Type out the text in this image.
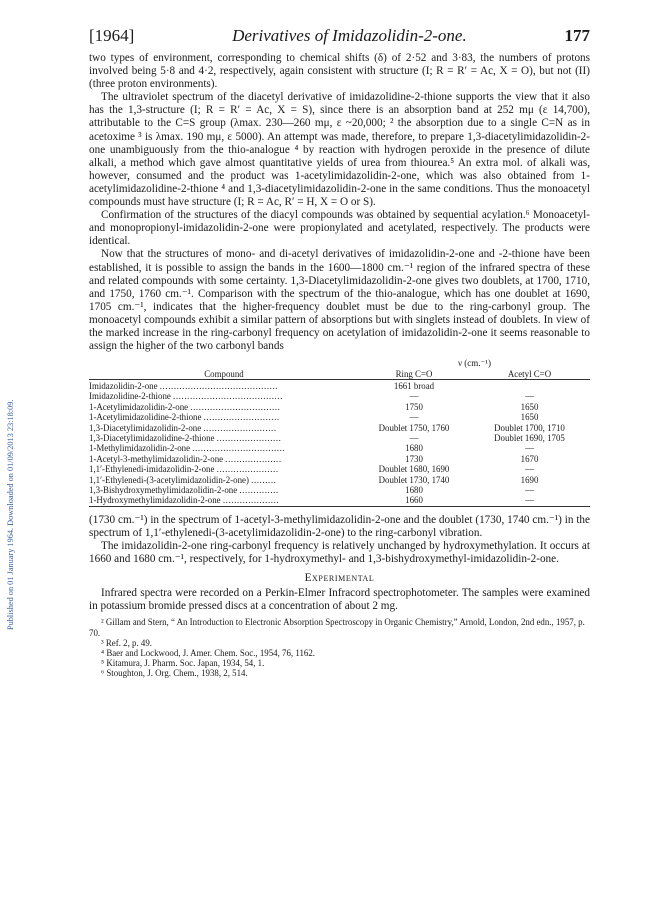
Published on 01 January 1964. Downloaded on 01/09/2013 23:18:09.
[1964]	Derivatives of Imidazolidin-2-one.	177

two types of environment, corresponding to chemical shifts (δ) of 2·52 and 3·83, the numbers of protons involved being 5·8 and 4·2, respectively, again consistent with structure (I; R = R′ = Ac, X = O), but not (II) (three proton environments).

The ultraviolet spectrum of the diacetyl derivative of imidazolidine-2-thione supports the view that it also has the 1,3-structure (I; R = R′ = Ac, X = S), since there is an absorption band at 252 mμ (ε 14,700), attributable to the C=S group (λmax. 230—260 mμ, ε ~20,000; ² the absorption due to a single C=N as in acetoxime ³ is λmax. 190 mμ, ε 5000). An attempt was made, therefore, to prepare 1,3-diacetylimidazolidin-2-one unambiguously from the thio-analogue ⁴ by reaction with hydrogen peroxide in the presence of dilute alkali, a method which gave almost quantitative yields of urea from thiourea.⁵ An extra mol. of alkali was, however, consumed and the product was 1-acetylimidazolidin-2-one, which was also obtained from 1-acetylimidazolidine-2-thione ⁴ and 1,3-diacetylimidazolidin-2-one in the same conditions. Thus the monoacetyl compounds must have structure (I; R = Ac, R′ = H, X = O or S).

Confirmation of the structures of the diacyl compounds was obtained by sequential acylation.⁶ Monoacetyl- and monopropionyl-imidazolidin-2-one were propionylated and acetylated, respectively. The products were identical.

Now that the structures of mono- and di-acetyl derivatives of imidazolidin-2-one and -2-thione have been established, it is possible to assign the bands in the 1600—1800 cm.⁻¹ region of the infrared spectra of these and related compounds with some certainty. 1,3-Diacetylimidazolidin-2-one gives two doublets, at 1700, 1710, and 1750, 1760 cm.⁻¹. Comparison with the spectrum of the thio-analogue, which has one doublet at 1690, 1705 cm.⁻¹, indicates that the higher-frequency doublet must be due to the ring-carbonyl group. The monoacetyl compounds exhibit a similar pattern of absorptions but with singlets instead of doublets. In view of the marked increase in the ring-carbonyl frequency on acetylation of imidazolidin-2-one it seems reasonable to assign the higher of the two carbonyl bands

	ν (cm.⁻¹)	
Compound	Ring C=O	Acetyl C=O

Imidazolidin-2-one ..........................................	1661 broad	
Imidazolidine-2-thione .......................................	—	—
1-Acetylimidazolidin-2-one ................................	1750	1650
1-Acetylimidazolidine-2-thione ...........................	—	1650
1,3-Diacetylimidazolidin-2-one ..........................	Doublet 1750, 1760	Doublet 1700, 1710
1,3-Diacetylimidazolidine-2-thione .......................	—	Doublet 1690, 1705
1-Methylimidazolidin-2-one .................................	1680	—
1-Acetyl-3-methylimidazolidin-2-one ....................	1730	1670
1,1′-Ethylenedi-imidazolidin-2-one ......................	Doublet 1680, 1690	—
1,1′-Ethylenedi-(3-acetylimidazolidin-2-one) .........	Doublet 1730, 1740	1690
1,3-Bishydroxymethylimidazolidin-2-one ..............	1680	—
1-Hydroxymethylimidazolidin-2-one ....................	1660	—

(1730 cm.⁻¹) in the spectrum of 1-acetyl-3-methylimidazolidin-2-one and the doublet (1730, 1740 cm.⁻¹) in the spectrum of 1,1′-ethylenedi-(3-acetylimidazolidin-2-one) to the ring-carbonyl vibration.

The imidazolidin-2-one ring-carbonyl frequency is relatively unchanged by hydroxymethylation. It occurs at 1660 and 1680 cm.⁻¹, respectively, for 1-hydroxymethyl- and 1,3-bishydroxymethyl-imidazolidin-2-one.

Experimental

Infrared spectra were recorded on a Perkin-Elmer Infracord spectrophotometer. The samples were examined in potassium bromide pressed discs at a concentration of about 2 mg.

² Gillam and Stern, “ An Introduction to Electronic Absorption Spectroscopy in Organic Chemistry,” Arnold, London, 2nd edn., 1957, p. 70.
³ Ref. 2, p. 49.
⁴ Baer and Lockwood, J. Amer. Chem. Soc., 1954, 76, 1162.
⁵ Kitamura, J. Pharm. Soc. Japan, 1934, 54, 1.
⁶ Stoughton, J. Org. Chem., 1938, 2, 514.
